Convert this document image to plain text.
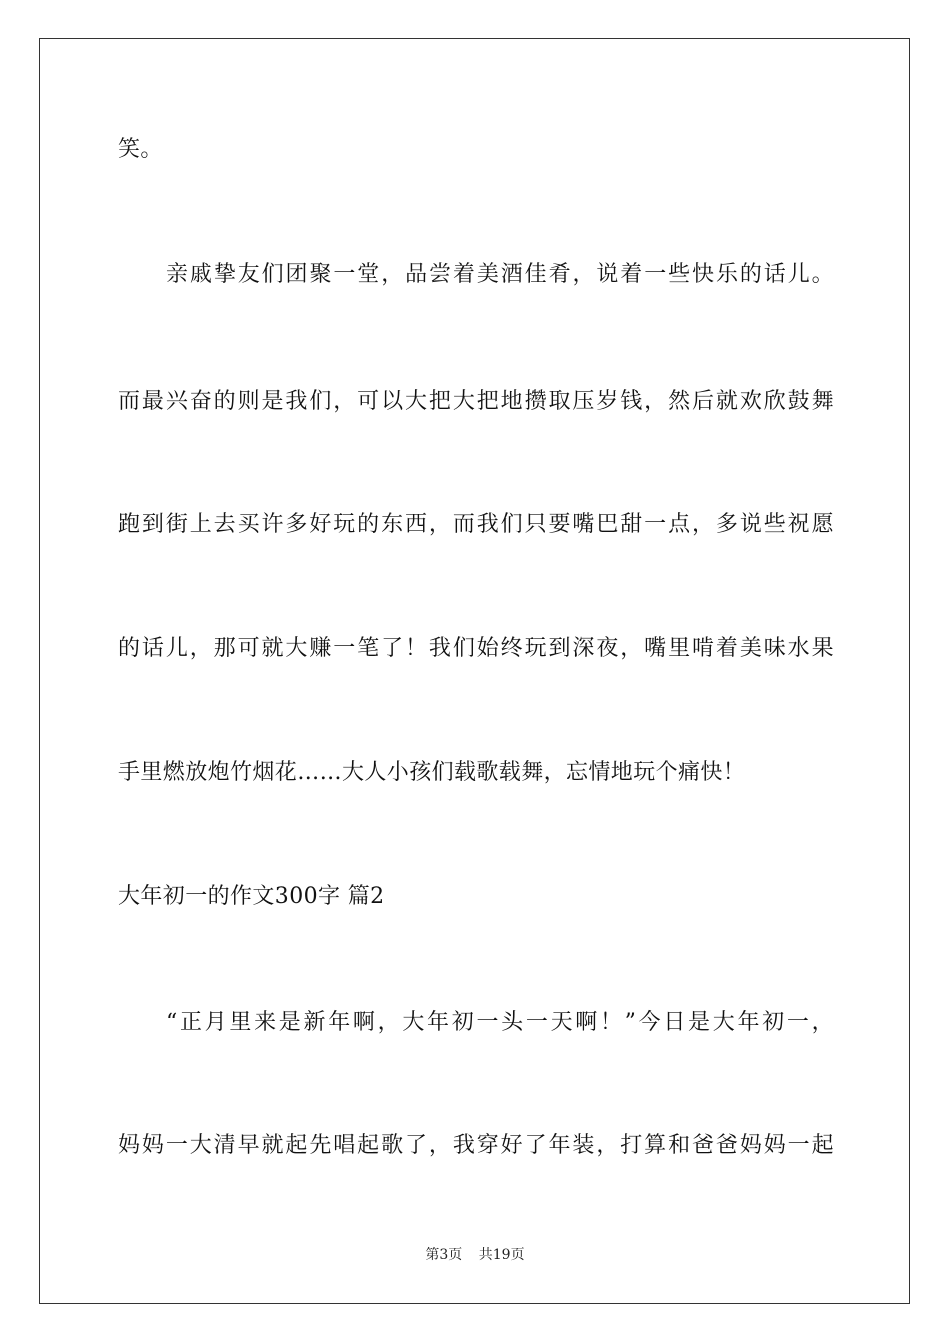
笑。
亲戚挚友们团聚一堂，品尝着美酒佳肴，说着一些快乐的话儿。
而最兴奋的则是我们，可以大把大把地攒取压岁钱，然后就欢欣鼓舞
跑到街上去买许多好玩的东西，而我们只要嘴巴甜一点，多说些祝愿
的话儿，那可就大赚一笔了！我们始终玩到深夜，嘴里啃着美味水果
手里燃放炮竹烟花……大人小孩们载歌载舞，忘情地玩个痛快！
大年初一的作文300字 篇2
“正月里来是新年啊，大年初一头一天啊！”今日是大年初一，
妈妈一大清早就起先唱起歌了，我穿好了年装，打算和爸爸妈妈一起
第3页 共19页
